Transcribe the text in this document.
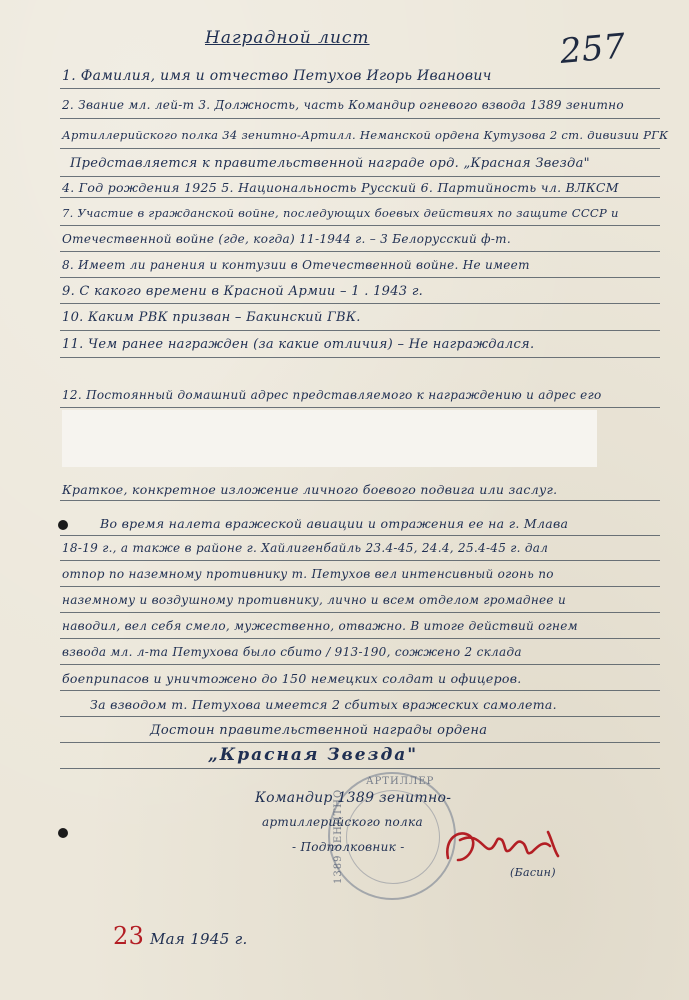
257
Наградной лист
1. Фамилия, имя и отчество Петухов Игорь Иванович
2. Звание мл. лей-т 3. Должность, часть Командир огневого взвода 1389 зенитно
Артиллерийского полка 34 зенитно-Артилл. Неманской ордена Кутузова 2 ст. дивизии РГК
Представляется к правительственной награде орд. „Красная Звезда"
4. Год рождения 1925 5. Национальность Русский 6. Партийность чл. ВЛКСМ
7. Участие в гражданской войне, последующих боевых действиях по защите СССР и
Отечественной войне (где, когда) 11-1944 г. – 3 Белорусский ф-т.
8. Имеет ли ранения и контузии в Отечественной войне. Не имеет
9. С какого времени в Красной Армии – 1 . 1943 г.
10. Каким РВК призван – Бакинский ГВК.
11. Чем ранее награжден (за какие отличия) – Не награждался.
12. Постоянный домашний адрес представляемого к награждению и адрес его
Краткое, конкретное изложение личного боевого подвига или заслуг.
Во время налета вражеской авиации и отражения ее на г. Млава
18-19 г., а также в районе г. Хайлигенбайль 23.4-45, 24.4, 25.4-45 г. дал
отпор по наземному противнику т. Петухов вел интенсивный огонь по
наземному и воздушному противнику, лично и всем отделом громаднее и
наводил, вел себя смело, мужественно, отважно. В итоге действий огнем
взвода мл. л-та Петухова было сбито / 913-190, сожжено 2 склада
боеприпасов и уничтожено до 150 немецких солдат и офицеров.
За взводом т. Петухова имеется 2 сбитых вражеских самолета.
Достоин правительственной награды ордена
„Красная Звезда"
АРТИЛЛЕР
1389 ЗЕНИТНО
Командир 1389 зенитно-
артиллерийского полка
- Подполковник -
(Басин)
23 Мая 1945 г.
